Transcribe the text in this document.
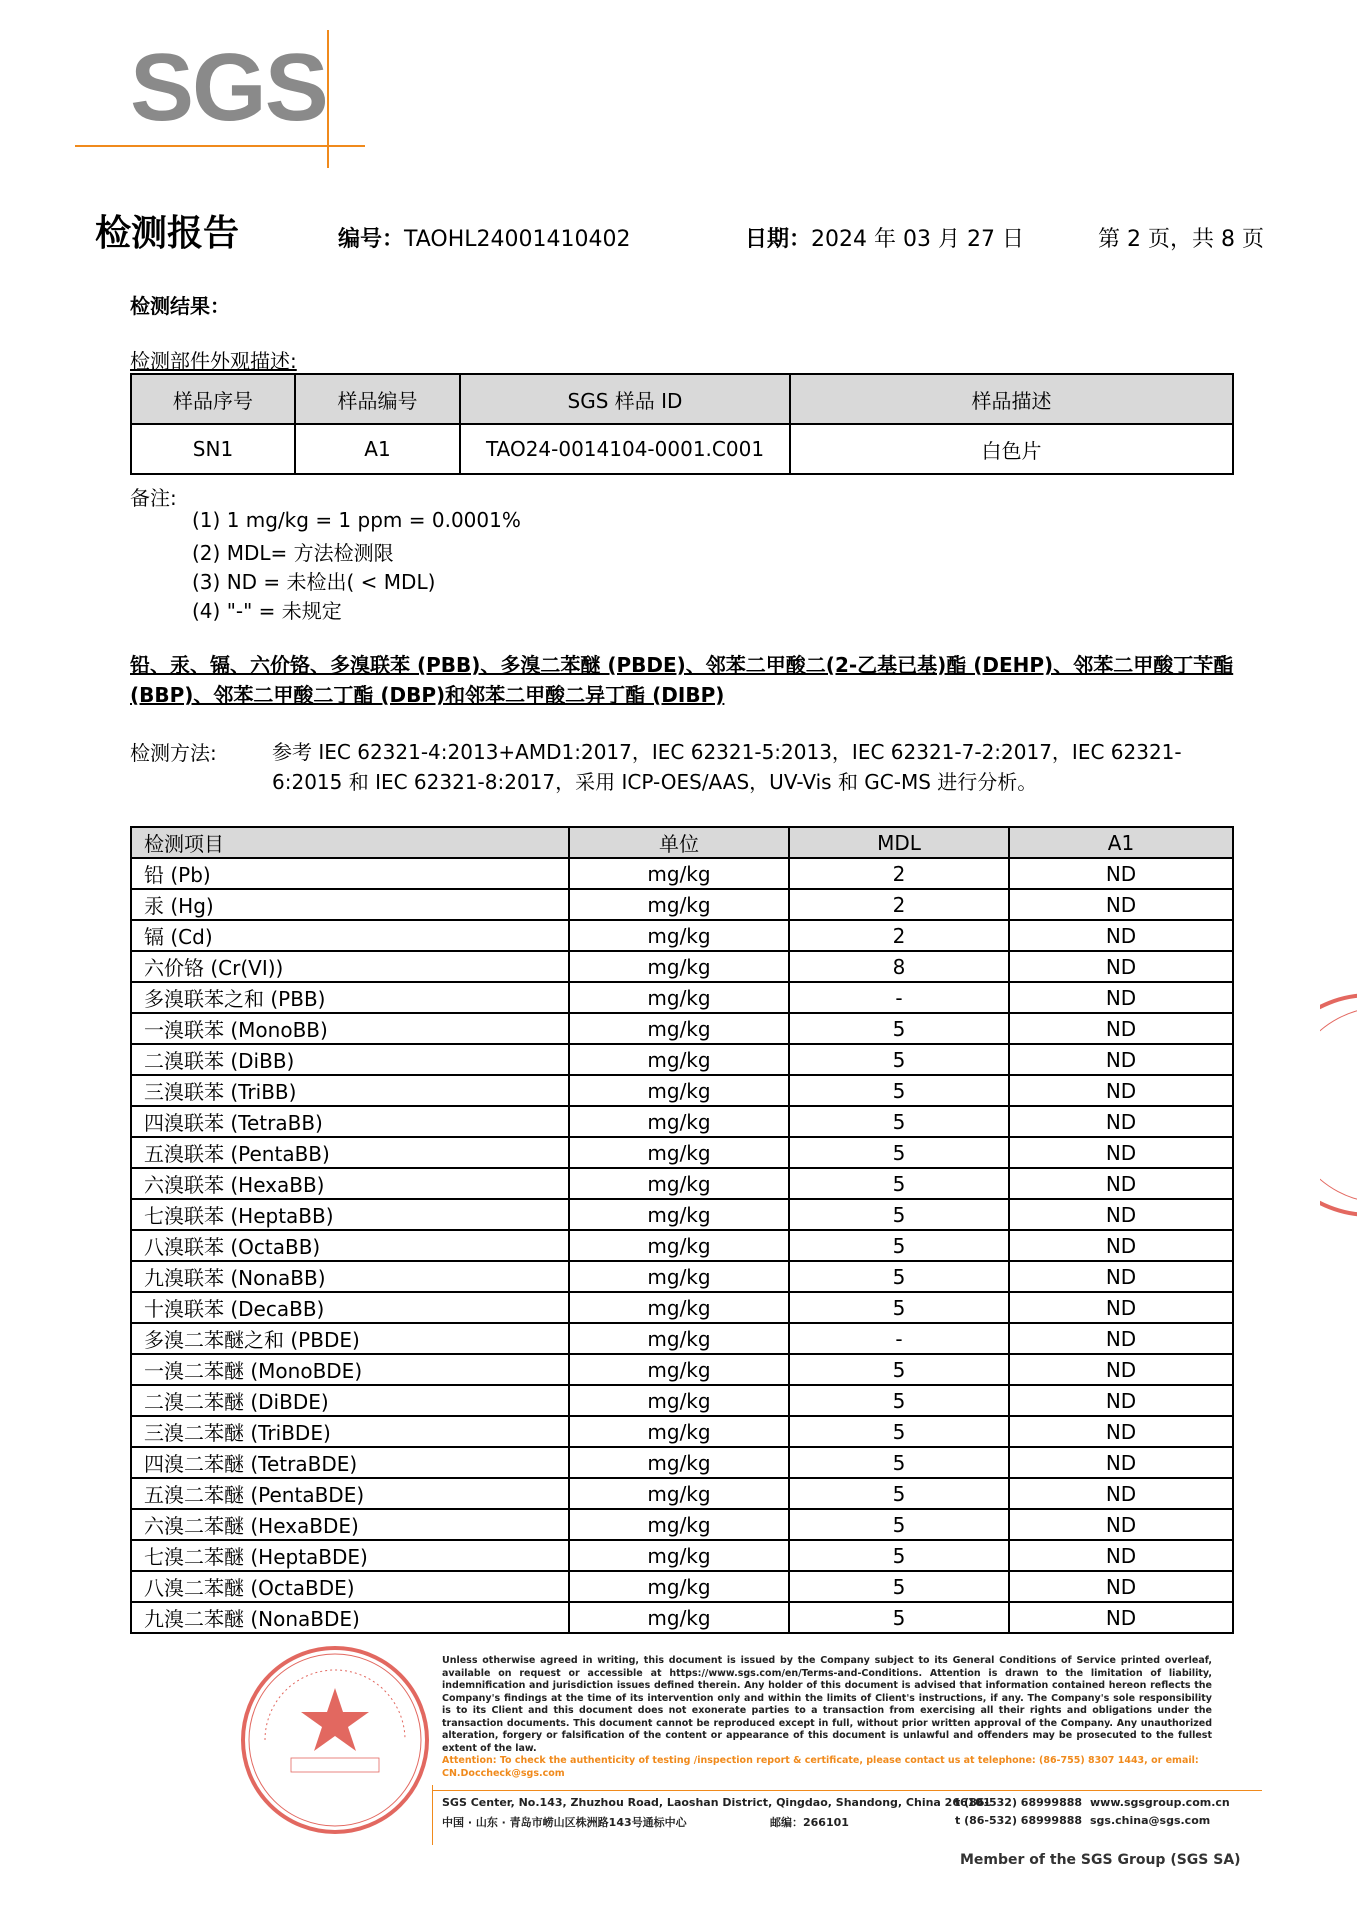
SGS
检测报告	编号：TAOHL24001410402	日期：2024 年 03 月 27 日	第 2 页，共 8 页
检测结果：
检测部件外观描述:
样品序号	样品编号	SGS 样品 ID	样品描述
SN1	A1	TAO24-0014104-0001.C001	白色片
备注:
(1) 1 mg/kg = 1 ppm = 0.0001%
(2) MDL= 方法检测限
(3) ND = 未检出( < MDL)
(4) "-" = 未规定
铅、汞、镉、六价铬、多溴联苯 (PBB)、多溴二苯醚 (PBDE)、邻苯二甲酸二(2-乙基已基)酯 (DEHP)、邻苯二甲酸丁苄酯 (BBP)、邻苯二甲酸二丁酯 (DBP)和邻苯二甲酸二异丁酯 (DIBP)
检测方法:	参考 IEC 62321-4:2013+AMD1:2017，IEC 62321-5:2013，IEC 62321-7-2:2017，IEC 62321-6:2015 和 IEC 62321-8:2017，采用 ICP-OES/AAS，UV-Vis 和 GC-MS 进行分析。
检测项目	单位	MDL	A1
铅 (Pb)	mg/kg	2	ND
汞 (Hg)	mg/kg	2	ND
镉 (Cd)	mg/kg	2	ND
六价铬 (Cr(VI))	mg/kg	8	ND
多溴联苯之和 (PBB)	mg/kg	-	ND
一溴联苯 (MonoBB)	mg/kg	5	ND
二溴联苯 (DiBB)	mg/kg	5	ND
三溴联苯 (TriBB)	mg/kg	5	ND
四溴联苯 (TetraBB)	mg/kg	5	ND
五溴联苯 (PentaBB)	mg/kg	5	ND
六溴联苯 (HexaBB)	mg/kg	5	ND
七溴联苯 (HeptaBB)	mg/kg	5	ND
八溴联苯 (OctaBB)	mg/kg	5	ND
九溴联苯 (NonaBB)	mg/kg	5	ND
十溴联苯 (DecaBB)	mg/kg	5	ND
多溴二苯醚之和 (PBDE)	mg/kg	-	ND
一溴二苯醚 (MonoBDE)	mg/kg	5	ND
二溴二苯醚 (DiBDE)	mg/kg	5	ND
三溴二苯醚 (TriBDE)	mg/kg	5	ND
四溴二苯醚 (TetraBDE)	mg/kg	5	ND
五溴二苯醚 (PentaBDE)	mg/kg	5	ND
六溴二苯醚 (HexaBDE)	mg/kg	5	ND
七溴二苯醚 (HeptaBDE)	mg/kg	5	ND
八溴二苯醚 (OctaBDE)	mg/kg	5	ND
九溴二苯醚 (NonaBDE)	mg/kg	5	ND
Unless otherwise agreed in writing, this document is issued by the Company subject to its General Conditions of Service printed overleaf, available on request or accessible at https://www.sgs.com/en/Terms-and-Conditions. Attention is drawn to the limitation of liability, indemnification and jurisdiction issues defined therein. Any holder of this document is advised that information contained hereon reflects the Company's findings at the time of its intervention only and within the limits of Client's instructions, if any. The Company's sole responsibility is to its Client and this document does not exonerate parties to a transaction from exercising all their rights and obligations under the transaction documents. This document cannot be reproduced except in full, without prior written approval of the Company. Any unauthorized alteration, forgery or falsification of the content or appearance of this document is unlawful and offenders may be prosecuted to the fullest extent of the law.
Attention: To check the authenticity of testing /inspection report & certificate, please contact us at telephone: (86-755) 8307 1443, or email: CN.Doccheck@sgs.com
SGS Center, No.143, Zhuzhou Road, Laoshan District, Qingdao, Shandong, China 266101
中国 · 山东 · 青岛市崂山区株洲路143号通标中心	邮编：266101
t (86-532) 68999888
t (86-532) 68999888
www.sgsgroup.com.cn
sgs.china@sgs.com
Member of the SGS Group (SGS SA)
